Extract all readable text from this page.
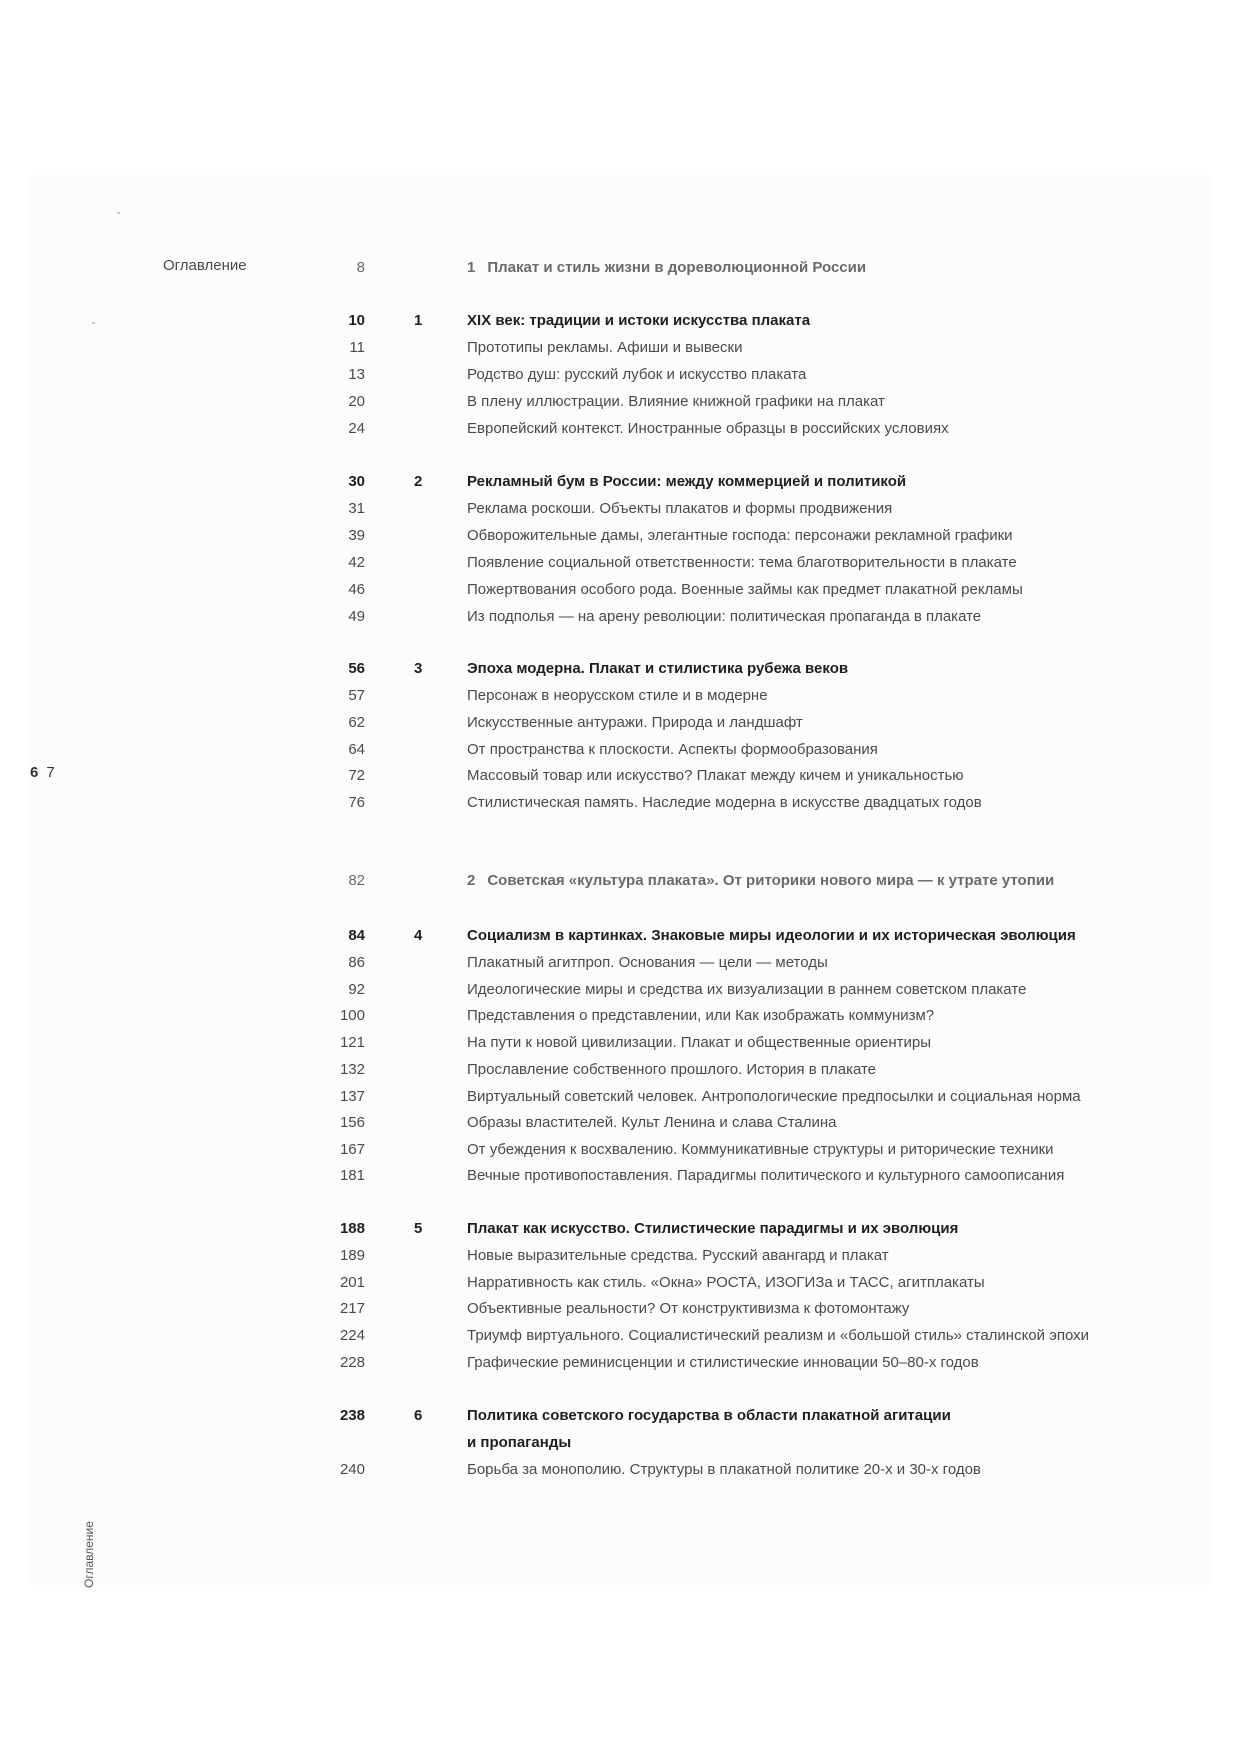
Оглавление
6 7
Оглавление
8	1 Плакат и стиль жизни в дореволюционной России
10	1	XIX век: традиции и истоки искусства плаката
11	Прототипы рекламы. Афиши и вывески
13	Родство душ: русский лубок и искусство плаката
20	В плену иллюстрации. Влияние книжной графики на плакат
24	Европейский контекст. Иностранные образцы в российских условиях
30	2	Рекламный бум в России: между коммерцией и политикой
31	Реклама роскоши. Объекты плакатов и формы продвижения
39	Обворожительные дамы, элегантные господа: персонажи рекламной графики
42	Появление социальной ответственности: тема благотворительности в плакате
46	Пожертвования особого рода. Военные займы как предмет плакатной рекламы
49	Из подполья — на арену революции: политическая пропаганда в плакате
56	3	Эпоха модерна. Плакат и стилистика рубежа веков
57	Персонаж в неорусском стиле и в модерне
62	Искусственные антуражи. Природа и ландшафт
64	От пространства к плоскости. Аспекты формообразования
72	Массовый товар или искусство? Плакат между кичем и уникальностью
76	Стилистическая память. Наследие модерна в искусстве двадцатых годов
82	2 Советская «культура плаката». От риторики нового мира — к утрате утопии
84	4	Социализм в картинках. Знаковые миры идеологии и их историческая эволюция
86	Плакатный агитпроп. Основания — цели — методы
92	Идеологические миры и средства их визуализации в раннем советском плакате
100	Представления о представлении, или Как изображать коммунизм?
121	На пути к новой цивилизации. Плакат и общественные ориентиры
132	Прославление собственного прошлого. История в плакате
137	Виртуальный советский человек. Антропологические предпосылки и социальная норма
156	Образы властителей. Культ Ленина и слава Сталина
167	От убеждения к восхвалению. Коммуникативные структуры и риторические техники
181	Вечные противопоставления. Парадигмы политического и культурного самоописания
188	5	Плакат как искусство. Стилистические парадигмы и их эволюция
189	Новые выразительные средства. Русский авангард и плакат
201	Нарративность как стиль. «Окна» РОСТА, ИЗОГИЗа и ТАСС, агитплакаты
217	Объективные реальности? От конструктивизма к фотомонтажу
224	Триумф виртуального. Социалистический реализм и «большой стиль» сталинской эпохи
228	Графические реминисценции и стилистические инновации 50–80-х годов
238	6	Политика советского государства в области плакатной агитации
и пропаганды
240	Борьба за монополию. Структуры в плакатной политике 20-х и 30-х годов
